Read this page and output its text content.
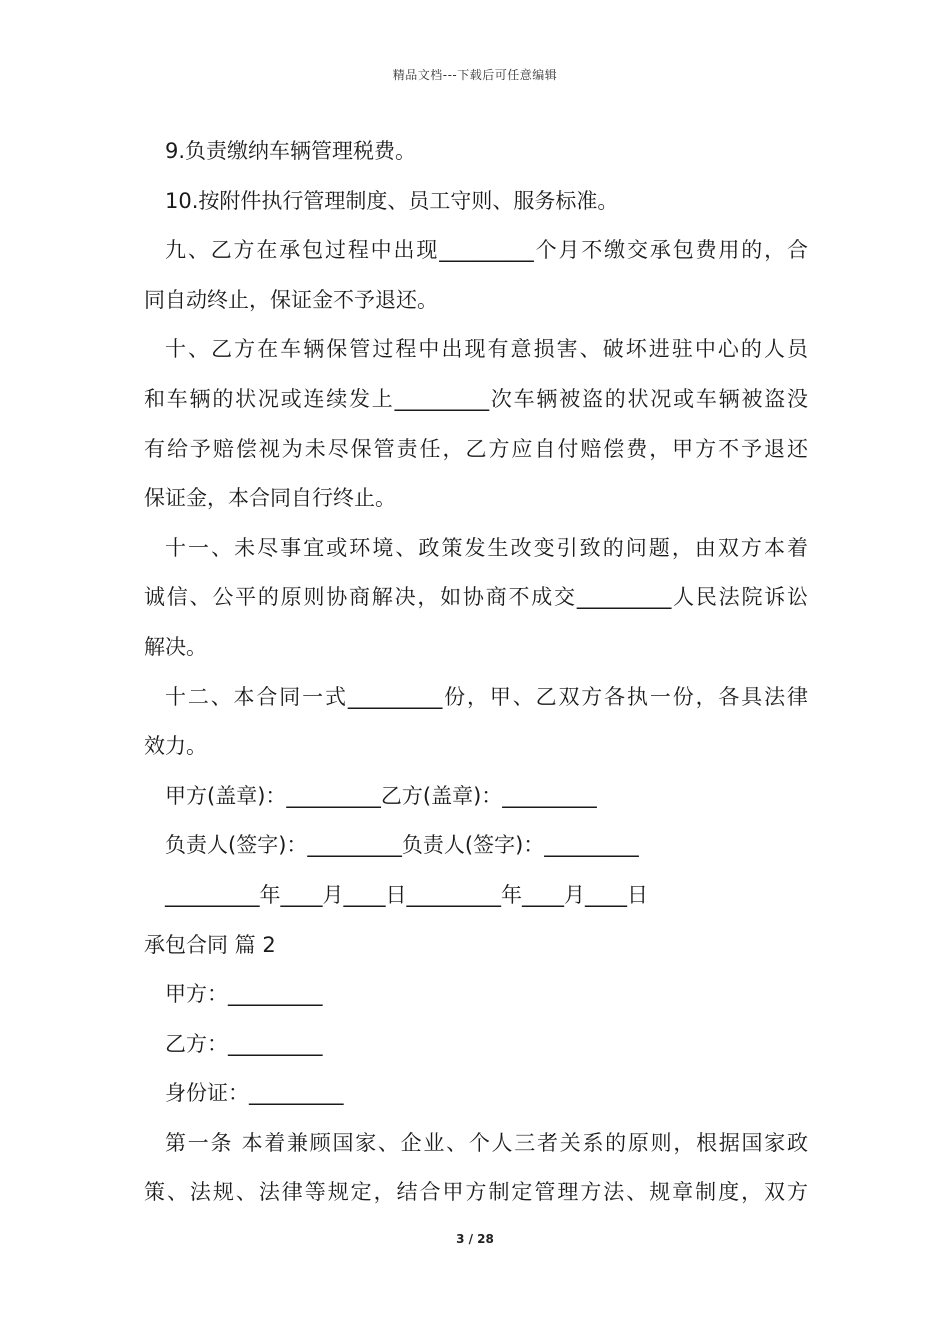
精品文档---下载后可任意编辑
9.负责缴纳车辆管理税费。
10.按附件执行管理制度、员工守则、服务标准。
九、乙方在承包过程中出现_________个月不缴交承包费用的，合
同自动终止，保证金不予退还。
十、乙方在车辆保管过程中出现有意损害、破坏进驻中心的人员
和车辆的状况或连续发上_________次车辆被盗的状况或车辆被盗没
有给予赔偿视为未尽保管责任，乙方应自付赔偿费，甲方不予退还
保证金，本合同自行终止。
十一、未尽事宜或环境、政策发生改变引致的问题，由双方本着
诚信、公平的原则协商解决，如协商不成交_________人民法院诉讼
解决。
十二、本合同一式_________份，甲、乙双方各执一份，各具法律
效力。
甲方(盖章)：_________乙方(盖章)：_________
负责人(签字)：_________负责人(签字)：_________
_________年____月____日_________年____月____日
承包合同 篇 2
甲方：_________
乙方：_________
身份证：_________
第一条 本着兼顾国家、企业、个人三者关系的原则，根据国家政
策、法规、法律等规定，结合甲方制定管理方法、规章制度，双方
3 / 28
